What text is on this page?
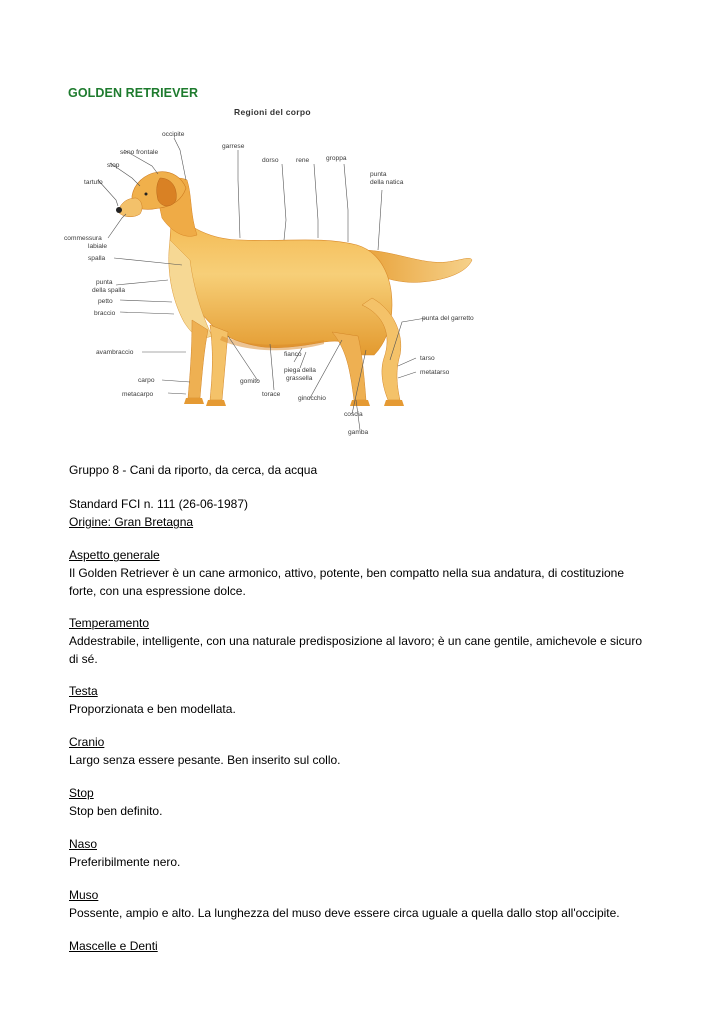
GOLDEN RETRIEVER
Regioni del corpo
occipite
seno frontale
stop
tartufo
commessura
labiale
spalla
punta
della spalla
petto
braccio
avambraccio
carpo
metacarpo
garrese
dorso	rene	groppa
punta
della natica
punta del garretto
tarso
metatarso
fianco
piega della
grassella
gomito
torace
ginocchio
coscia
gamba
Gruppo 8 - Cani da riporto, da cerca, da acqua
Standard FCI n. 111 (26-06-1987)
Origine: Gran Bretagna
Aspetto generale
Il Golden Retriever è un cane armonico, attivo, potente, ben compatto nella sua andatura, di costituzione
forte, con una espressione dolce.
Temperamento
Addestrabile, intelligente, con una naturale predisposizione al lavoro; è un cane gentile, amichevole e sicuro
di sé.
Testa
Proporzionata e ben modellata.
Cranio
Largo senza essere pesante. Ben inserito sul collo.
Stop
Stop ben definito.
Naso
Preferibilmente nero.
Muso
Possente, ampio e alto. La lunghezza del muso deve essere circa uguale a quella dallo stop all'occipite.
Mascelle e Denti
